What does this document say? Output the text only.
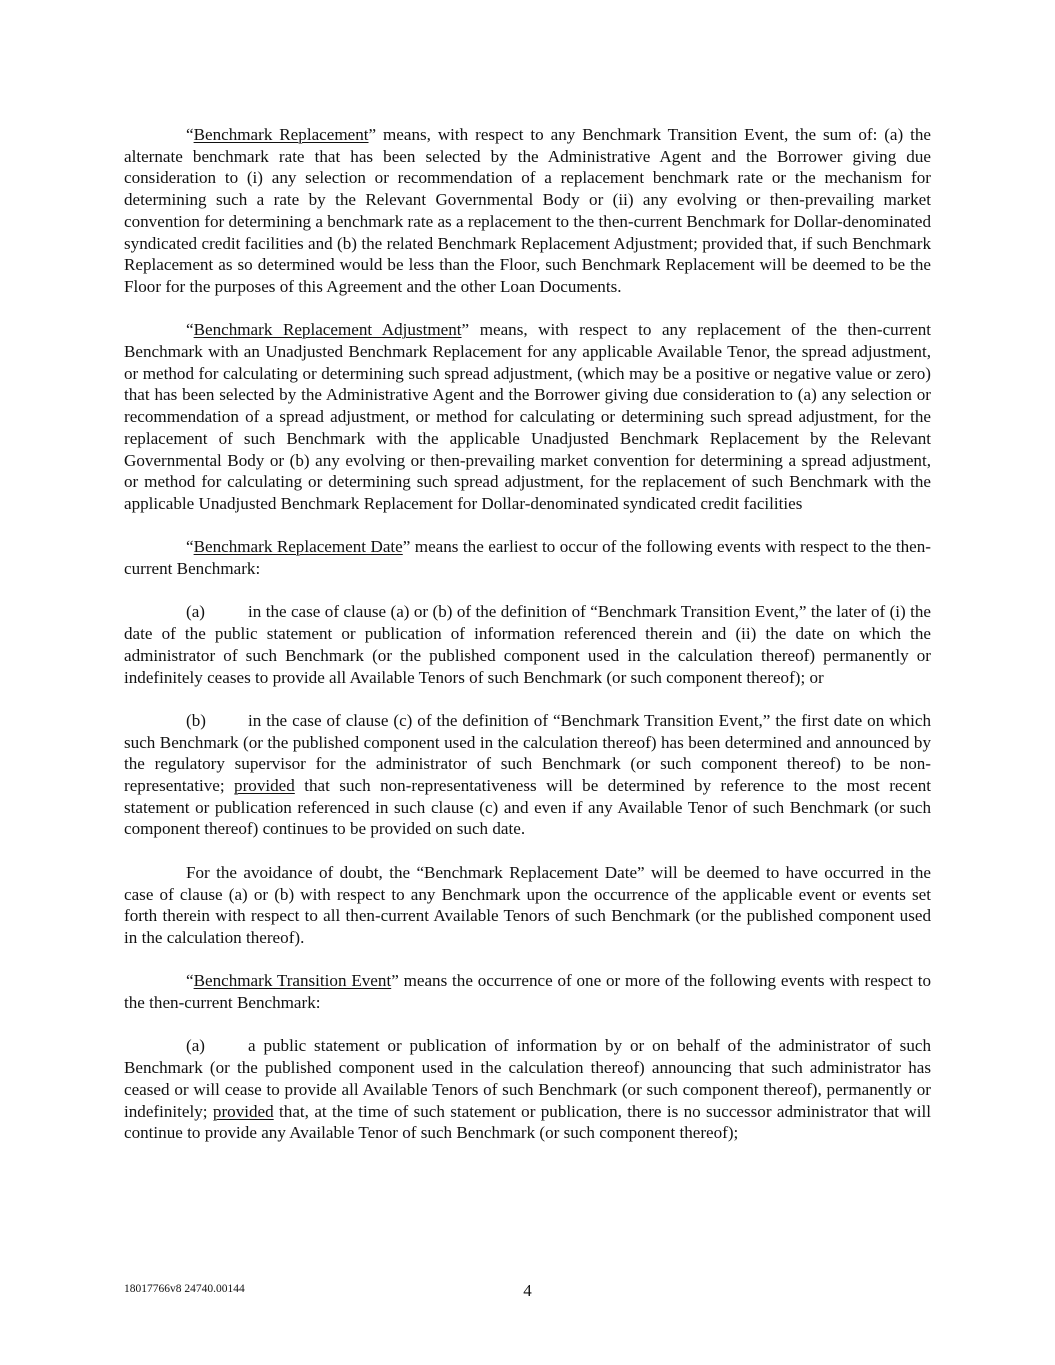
“Benchmark Replacement” means, with respect to any Benchmark Transition Event, the sum of: (a) the alternate benchmark rate that has been selected by the Administrative Agent and the Borrower giving due consideration to (i) any selection or recommendation of a replacement benchmark rate or the mechanism for determining such a rate by the Relevant Governmental Body or (ii) any evolving or then-prevailing market convention for determining a benchmark rate as a replacement to the then-current Benchmark for Dollar-denominated syndicated credit facilities and (b) the related Benchmark Replacement Adjustment; provided that, if such Benchmark Replacement as so determined would be less than the Floor, such Benchmark Replacement will be deemed to be the Floor for the purposes of this Agreement and the other Loan Documents.

“Benchmark Replacement Adjustment” means, with respect to any replacement of the then-current Benchmark with an Unadjusted Benchmark Replacement for any applicable Available Tenor, the spread adjustment, or method for calculating or determining such spread adjustment, (which may be a positive or negative value or zero) that has been selected by the Administrative Agent and the Borrower giving due consideration to (a) any selection or recommendation of a spread adjustment, or method for calculating or determining such spread adjustment, for the replacement of such Benchmark with the applicable Unadjusted Benchmark Replacement by the Relevant Governmental Body or (b) any evolving or then-prevailing market convention for determining a spread adjustment, or method for calculating or determining such spread adjustment, for the replacement of such Benchmark with the applicable Unadjusted Benchmark Replacement for Dollar-denominated syndicated credit facilities

“Benchmark Replacement Date” means the earliest to occur of the following events with respect to the then-current Benchmark:

(a)	in the case of clause (a) or (b) of the definition of “Benchmark Transition Event,” the later of (i) the date of the public statement or publication of information referenced therein and (ii) the date on which the administrator of such Benchmark (or the published component used in the calculation thereof) permanently or indefinitely ceases to provide all Available Tenors of such Benchmark (or such component thereof); or

(b) in the case of clause (c) of the definition of “Benchmark Transition Event,” the first date on which such Benchmark (or the published component used in the calculation thereof) has been determined and announced by the regulatory supervisor for the administrator of such Benchmark (or such component thereof) to be non-representative; provided that such non-representativeness will be determined by reference to the most recent statement or publication referenced in such clause (c) and even if any Available Tenor of such Benchmark (or such component thereof) continues to be provided on such date.

For the avoidance of doubt, the “Benchmark Replacement Date” will be deemed to have occurred in the case of clause (a) or (b) with respect to any Benchmark upon the occurrence of the applicable event or events set forth therein with respect to all then-current Available Tenors of such Benchmark (or the published component used in the calculation thereof).

“Benchmark Transition Event” means the occurrence of one or more of the following events with respect to the then-current Benchmark:

(a)	a public statement or publication of information by or on behalf of the administrator of such Benchmark (or the published component used in the calculation thereof) announcing that such administrator has ceased or will cease to provide all Available Tenors of such Benchmark (or such component thereof), permanently or indefinitely; provided that, at the time of such statement or publication, there is no successor administrator that will continue to provide any Available Tenor of such Benchmark (or such component thereof);

18017766v8 24740.00144	4
